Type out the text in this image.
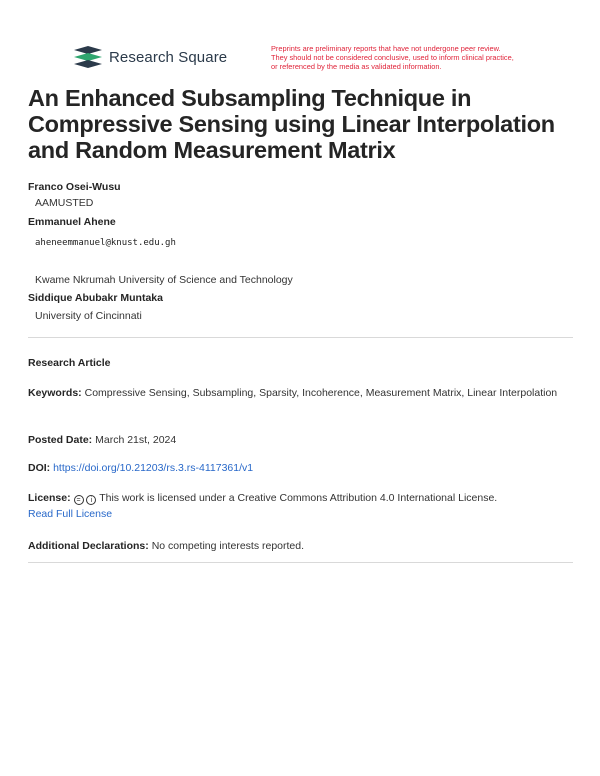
Research Square	Preprints are preliminary reports that have not undergone peer review.
They should not be considered conclusive, used to inform clinical practice,
or referenced by the media as validated information.
An Enhanced Subsampling Technique in Compressive Sensing using Linear Interpolation and Random Measurement Matrix
Franco Osei-Wusu
AAMUSTED
Emmanuel Ahene
aheneemmanuel@knust.edu.gh
Kwame Nkrumah University of Science and Technology
Siddique Abubakr Muntaka
University of Cincinnati
Research Article
Keywords: Compressive Sensing, Subsampling, Sparsity, Incoherence, Measurement Matrix, Linear Interpolation
Posted Date: March 21st, 2024
DOI: https://doi.org/10.21203/rs.3.rs-4117361/v1
License: = i This work is licensed under a Creative Commons Attribution 4.0 International License.
Read Full License
Additional Declarations: No competing interests reported.
